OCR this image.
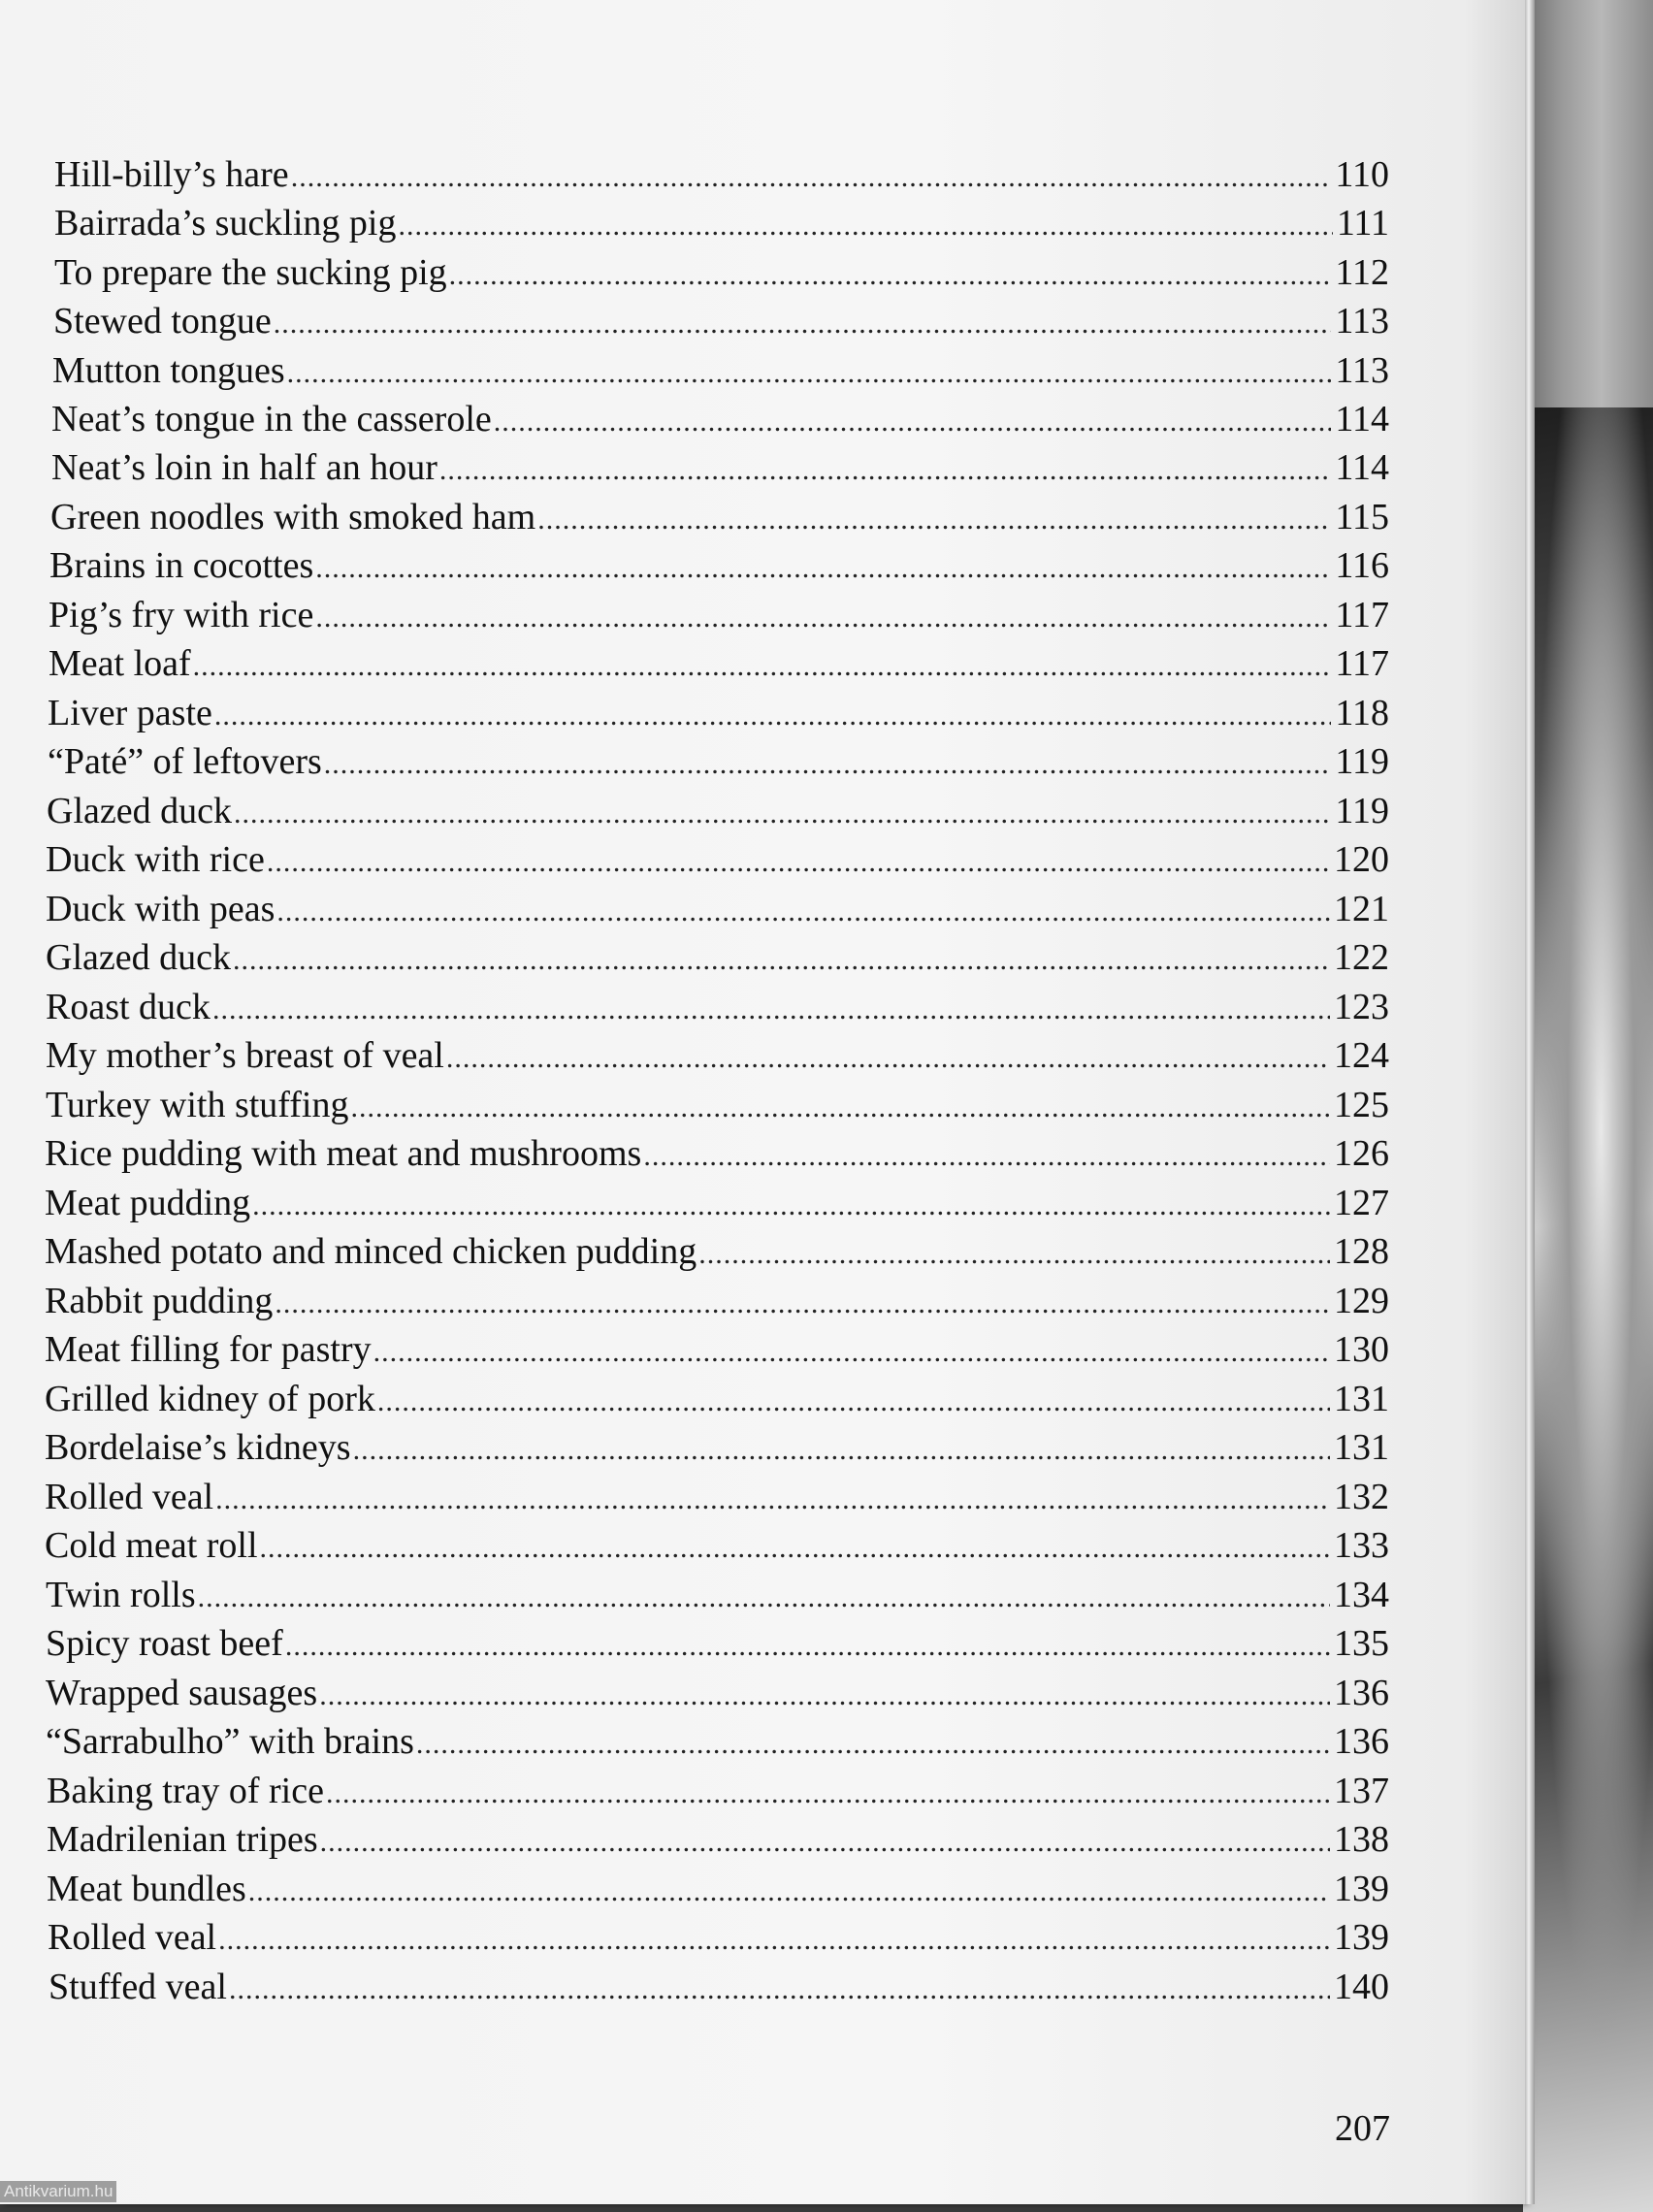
Hill-billy’s hare .....	110
Bairrada’s suckling pig .....	111
To prepare the sucking pig .....	112
Stewed tongue .....	113
Mutton tongues .....	113
Neat’s tongue in the casserole .....	114
Neat’s loin in half an hour .....	114
Green noodles with smoked ham .....	115
Brains in cocottes .....	116
Pig’s fry with rice .....	117
Meat loaf .....	117
Liver paste .....	118
“Paté” of leftovers .....	119
Glazed duck .....	119
Duck with rice .....	120
Duck with peas .....	121
Glazed duck .....	122
Roast duck .....	123
My mother’s breast of veal .....	124
Turkey with stuffing .....	125
Rice pudding with meat and mushrooms .....	126
Meat pudding .....	127
Mashed potato and minced chicken pudding .....	128
Rabbit pudding .....	129
Meat filling for pastry .....	130
Grilled kidney of pork .....	131
Bordelaise’s kidneys .....	131
Rolled veal .....	132
Cold meat roll .....	133
Twin rolls .....	134
Spicy roast beef .....	135
Wrapped sausages .....	136
“Sarrabulho” with brains .....	136
Baking tray of rice .....	137
Madrilenian tripes .....	138
Meat bundles .....	139
Rolled veal .....	139
Stuffed veal .....	140
207
Antikvarium.hu
